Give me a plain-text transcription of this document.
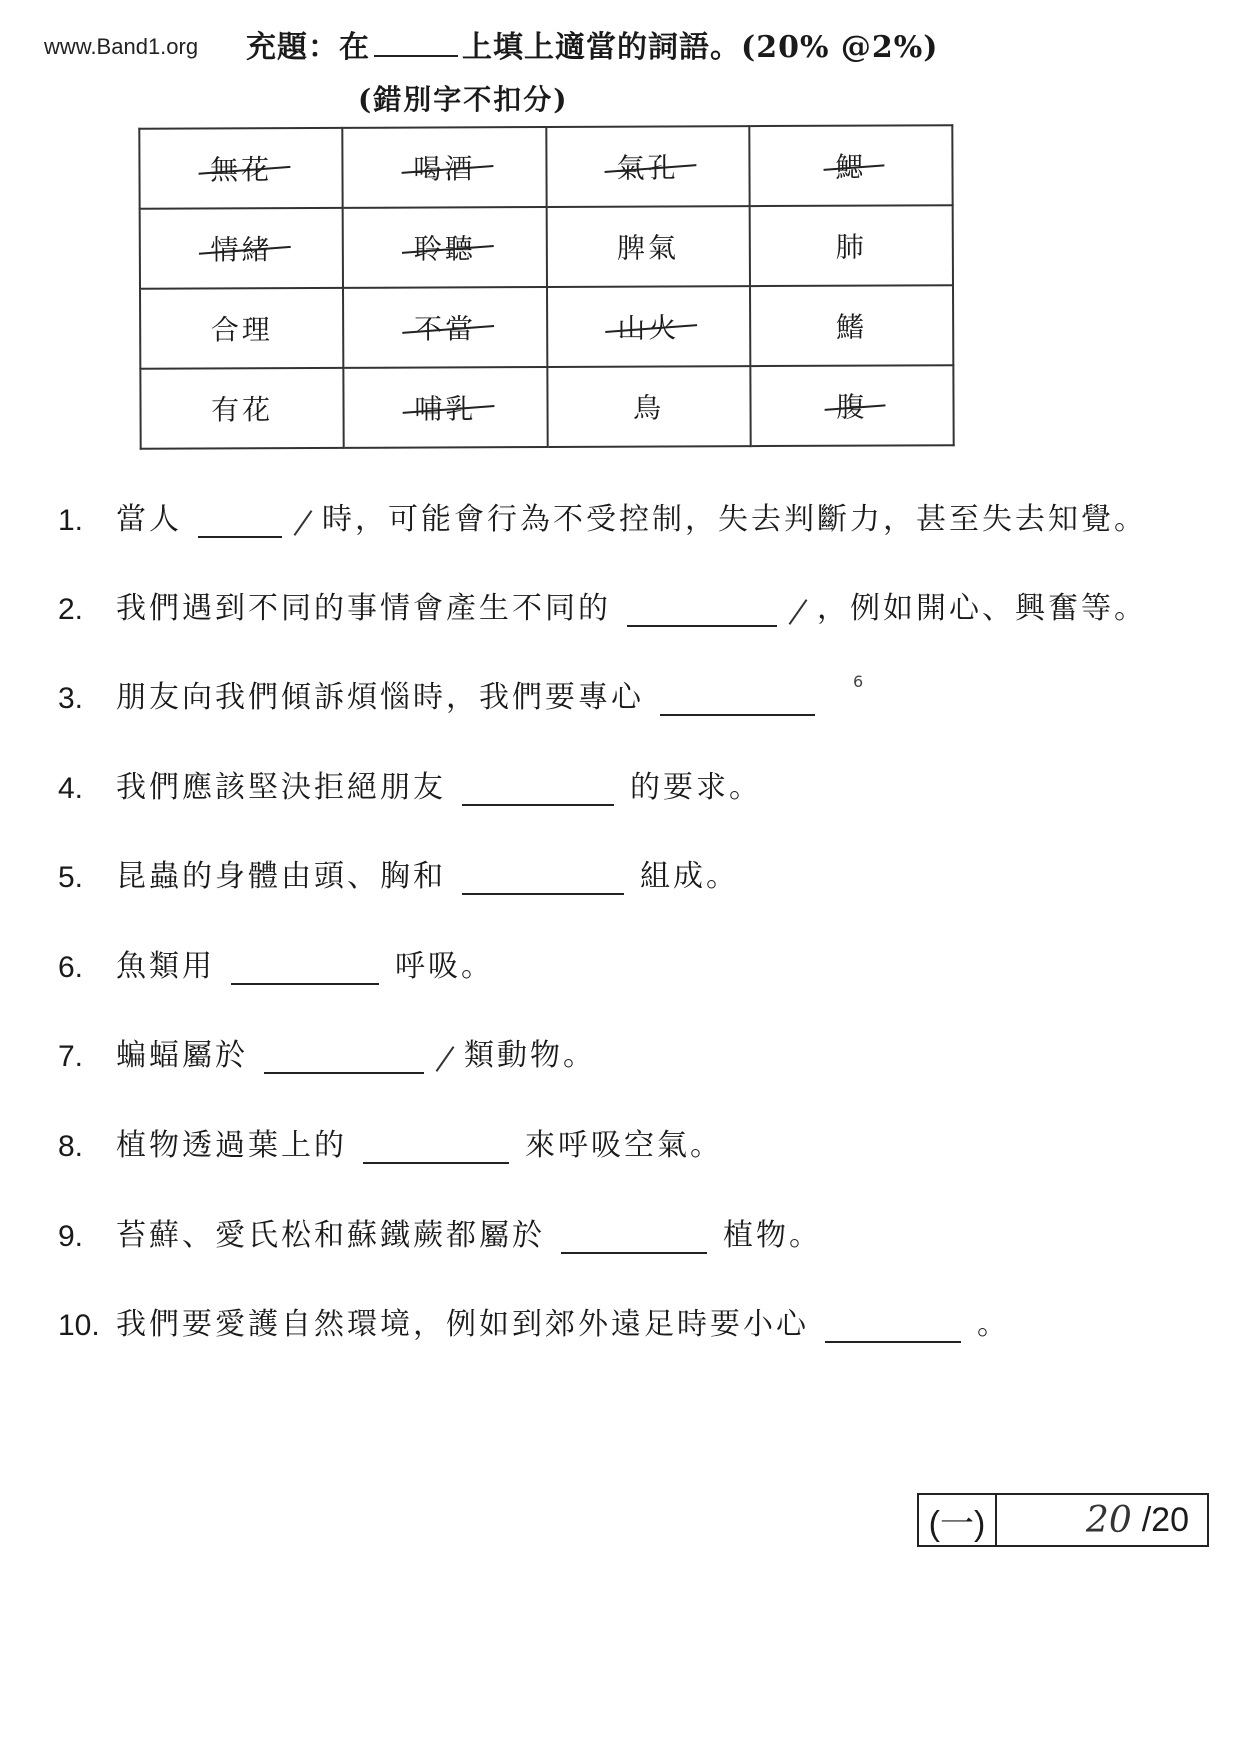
www.Band1.org 充題：在	上填上適當的詞語。(20% @2%)
(錯別字不扣分)
無花	喝酒	氣孔	鰓
情緒	聆聽	脾氣	肺
合理	不當	山火	鰭
有花	哺乳	鳥	腹
1.	當人	時，可能會行為不受控制，失去判斷力，甚至失去知覺。
2.	我們遇到不同的事情會產生不同的	，例如開心、興奮等。
3.	朋友向我們傾訴煩惱時，我們要專心	6
4.	我們應該堅決拒絕朋友	的要求。
5.	昆蟲的身體由頭、胸和	組成。
6.	魚類用	呼吸。
7.	蝙蝠屬於	類動物。
8.	植物透過葉上的	來呼吸空氣。
9.	苔蘚、愛氏松和蘇鐵蕨都屬於	植物。
10. 我們要愛護自然環境，例如到郊外遠足時要小心	。
(一)	20 /20
